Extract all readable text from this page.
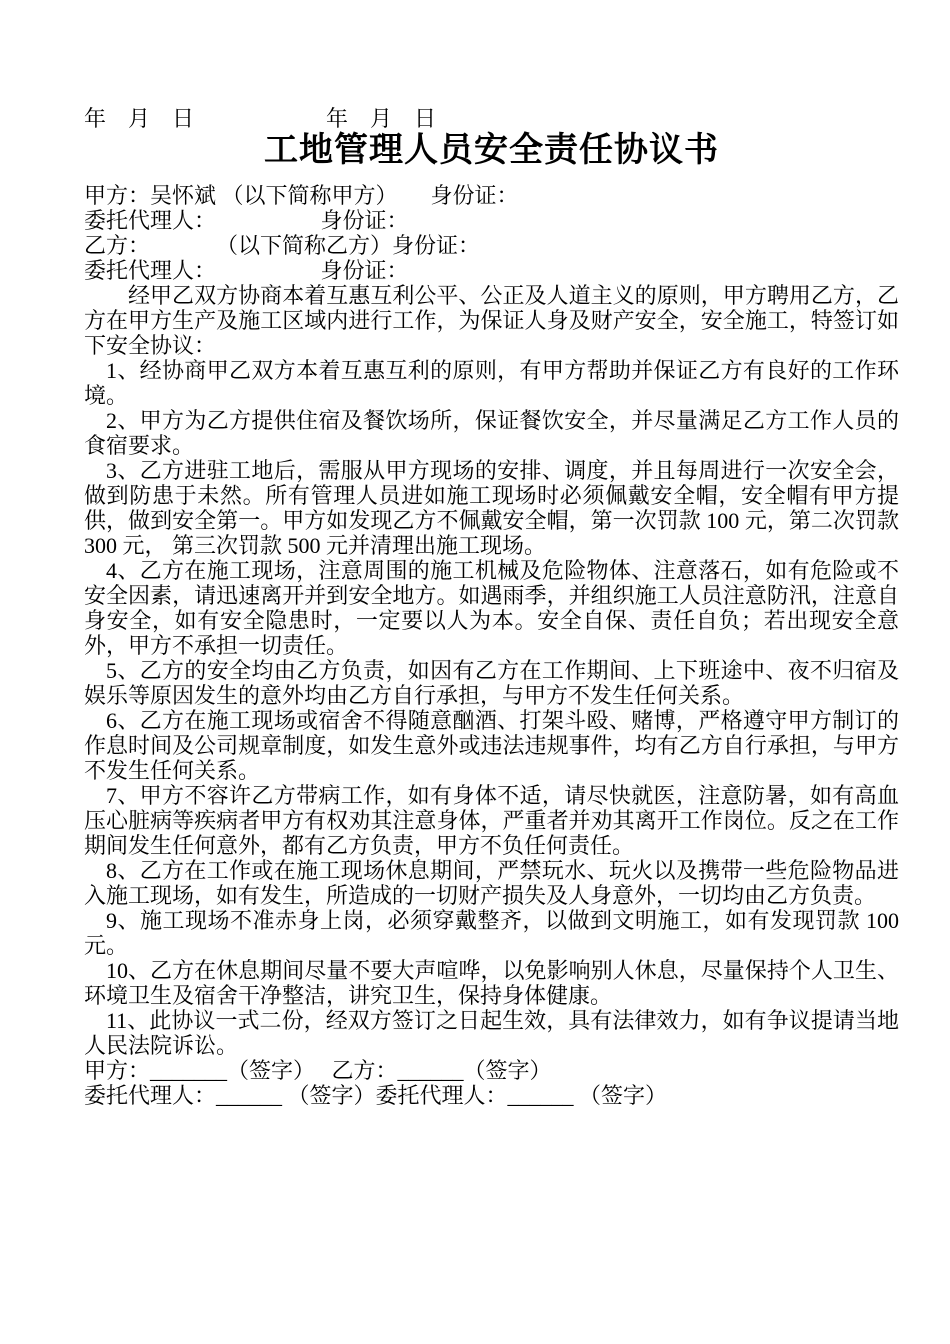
年　月　日　　　　　　年　月　日

工地管理人员安全责任协议书

甲方：吴怀斌 （以下简称甲方）　　身份证：

委托代理人：　　　　　 身份证：

乙方：　　　　（以下简称乙方）身份证：

委托代理人：　　　　　 身份证：

经甲乙双方协商本着互惠互利公平、公正及人道主义的原则，甲方聘用乙方，乙方在甲方生产及施工区域内进行工作，为保证人身及财产安全，安全施工，特签订如下安全协议：

1、经协商甲乙双方本着互惠互利的原则，有甲方帮助并保证乙方有良好的工作环境。

2、甲方为乙方提供住宿及餐饮场所，保证餐饮安全，并尽量满足乙方工作人员的食宿要求。

3、乙方进驻工地后，需服从甲方现场的安排、调度，并且每周进行一次安全会，做到防患于未然。所有管理人员进如施工现场时必须佩戴安全帽，安全帽有甲方提供，做到安全第一。甲方如发现乙方不佩戴安全帽，第一次罚款 100 元，第二次罚款 300 元， 第三次罚款 500 元并清理出施工现场。

4、乙方在施工现场，注意周围的施工机械及危险物体、注意落石，如有危险或不安全因素，请迅速离开并到安全地方。如遇雨季，并组织施工人员注意防汛，注意自身安全，如有安全隐患时，一定要以人为本。安全自保、责任自负；若出现安全意外，甲方不承担一切责任。

5、乙方的安全均由乙方负责，如因有乙方在工作期间、上下班途中、夜不归宿及娱乐等原因发生的意外均由乙方自行承担，与甲方不发生任何关系。

6、乙方在施工现场或宿舍不得随意酗酒、打架斗殴、赌博，严格遵守甲方制订的作息时间及公司规章制度，如发生意外或违法违规事件，均有乙方自行承担，与甲方不发生任何关系。

7、甲方不容许乙方带病工作，如有身体不适，请尽快就医，注意防暑，如有高血压心脏病等疾病者甲方有权劝其注意身体，严重者并劝其离开工作岗位。反之在工作期间发生任何意外，都有乙方负责，甲方不负任何责任。

8、乙方在工作或在施工现场休息期间，严禁玩水、玩火以及携带一些危险物品进入施工现场，如有发生，所造成的一切财产损失及人身意外，一切均由乙方负责。

9、施工现场不准赤身上岗，必须穿戴整齐，以做到文明施工，如有发现罚款 100 元。

10、乙方在休息期间尽量不要大声喧哗，以免影响别人休息，尽量保持个人卫生、环境卫生及宿舍干净整洁，讲究卫生，保持身体健康。

11、此协议一式二份，经双方签订之日起生效，具有法律效力，如有争议提请当地人民法院诉讼。

甲方：_______（签字）　 乙方：______（签字）

委托代理人：______ （签字）委托代理人：______ （签字）
